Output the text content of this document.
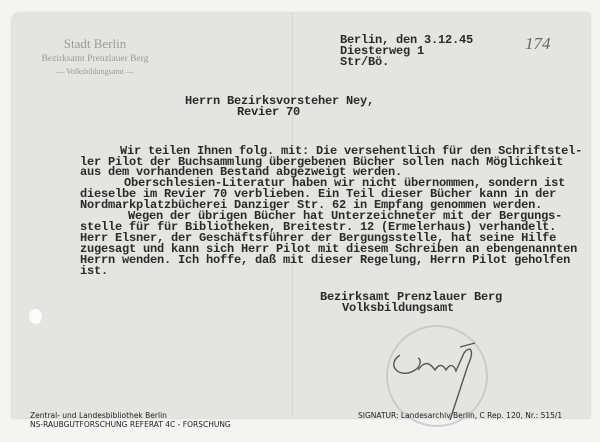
Stadt Berlin
Bezirksamt Prenzlauer Berg
— Volksbildungsamt —
174
Berlin, den 3.12.45
Diesterweg 1
Str/Bö.
Herrn Bezirksvorsteher Ney,
Revier 70
Wir teilen Ihnen folg. mit: Die versehentlich für den Schriftstel-
ler Pilot der Buchsammlung übergebenen Bücher sollen nach Möglichkeit
aus dem vorhandenen Bestand abgezweigt werden.
Oberschlesien-Literatur haben wir nicht übernommen, sondern ist
dieselbe im Revier 70 verblieben. Ein Teil dieser Bücher kann in der
Nordmarkplatzbücherei Danziger Str. 62 in Empfang genommen werden.
Wegen der übrigen Bücher hat Unterzeichneter mit der Bergungs-
stelle für für Bibliotheken, Breitestr. 12 (Ermelerhaus) verhandelt.
Herr Elsner, der Geschäftsführer der Bergungsstelle, hat seine Hilfe
zugesagt und kann sich Herr Pilot mit diesem Schreiben an ebengenannten
Herrn wenden. Ich hoffe, daß mit dieser Regelung, Herrn Pilot geholfen
ist.
Bezirksamt Prenzlauer Berg
Volksbildungsamt
Zentral- und Landesbibliothek Berlin
NS-RAUBGUTFORSCHUNG REFERAT 4C - FORSCHUNG
SIGNATUR: Landesarchiv Berlin, C Rep. 120, Nr.: 515/1
